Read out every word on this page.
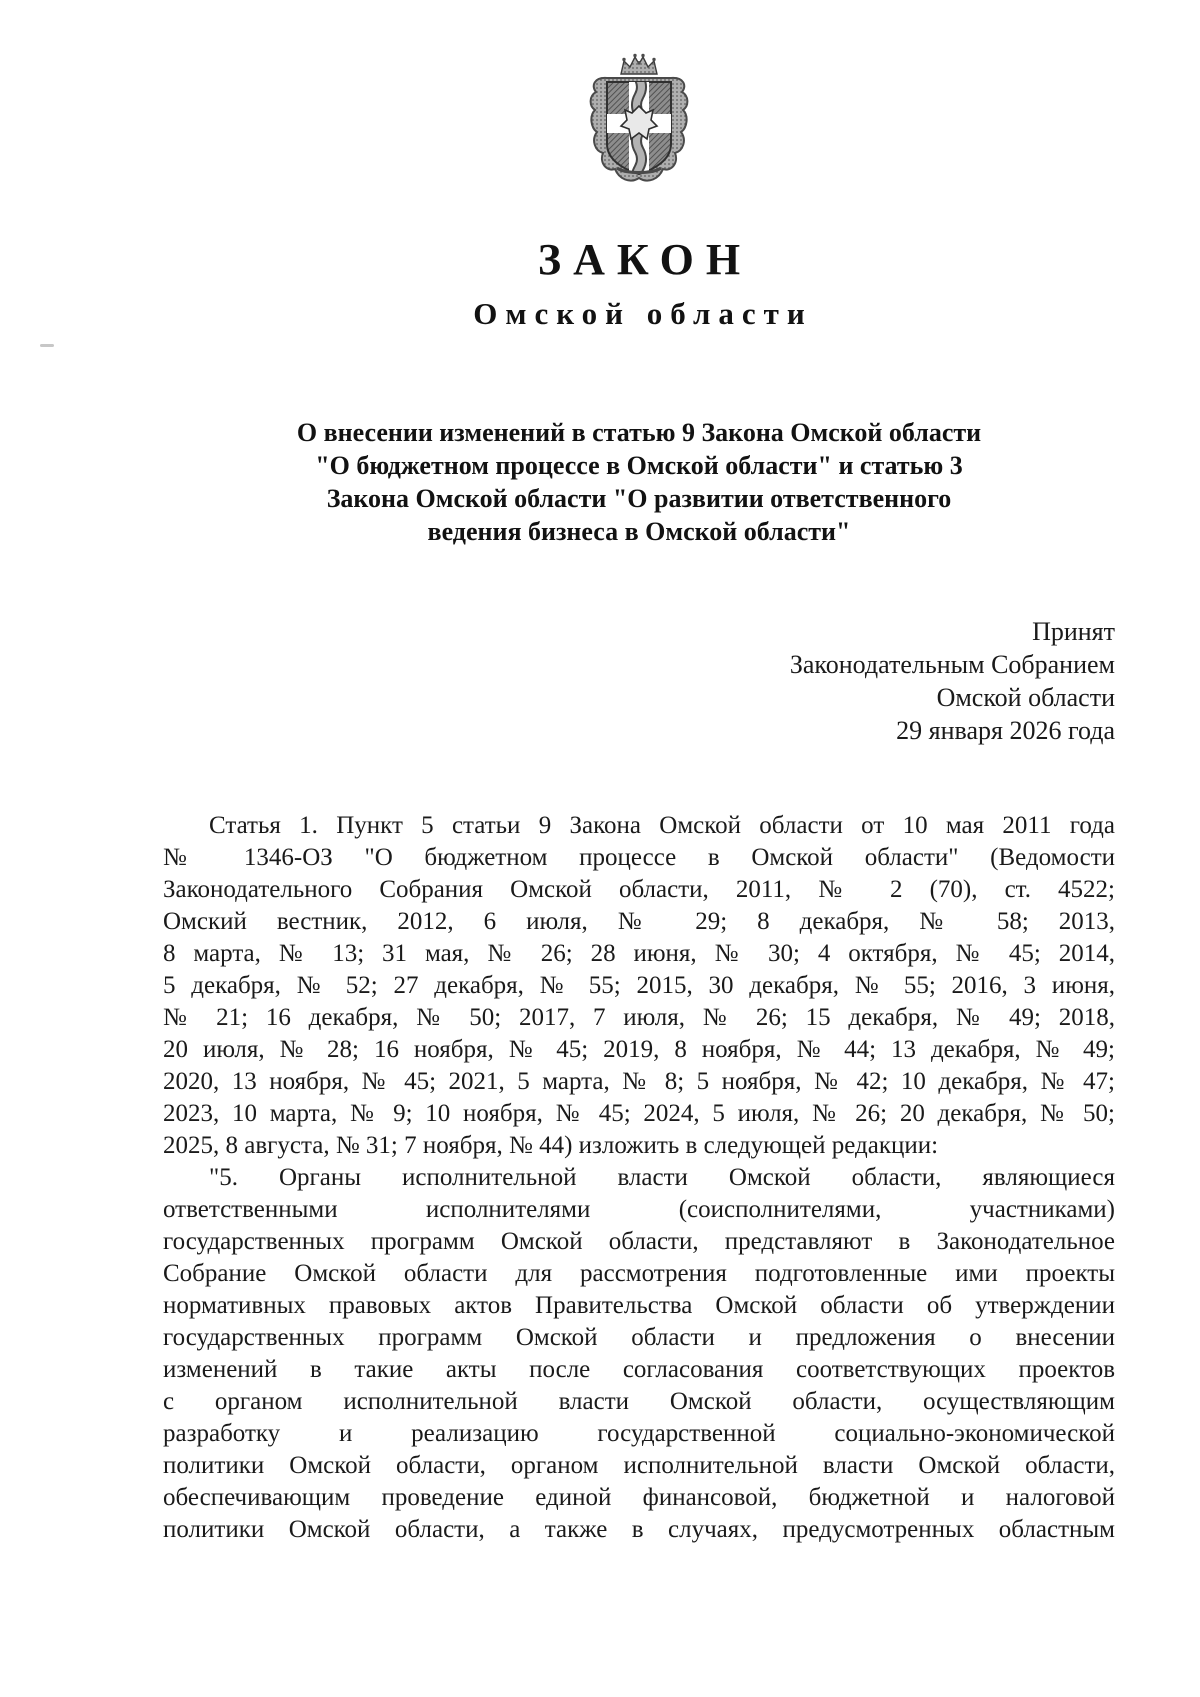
ЗАКОН
Омской области
О внесении изменений в статью 9 Закона Омской области
"О бюджетном процессе в Омской области" и статью 3
Закона Омской области "О развитии ответственного
ведения бизнеса в Омской области"
Принят
Законодательным Собранием
Омской области
29 января 2026 года
Статья 1. Пункт 5 статьи 9 Закона Омской области от 10 мая 2011 года
№ 1346-ОЗ "О бюджетном процессе в Омской области" (Ведомости
Законодательного Собрания Омской области, 2011, № 2 (70), ст. 4522;
Омский вестник, 2012, 6 июля, № 29; 8 декабря, № 58; 2013,
8 марта, № 13; 31 мая, № 26; 28 июня, № 30; 4 октября, № 45; 2014,
5 декабря, № 52; 27 декабря, № 55; 2015, 30 декабря, № 55; 2016, 3 июня,
№ 21; 16 декабря, № 50; 2017, 7 июля, № 26; 15 декабря, № 49; 2018,
20 июля, № 28; 16 ноября, № 45; 2019, 8 ноября, № 44; 13 декабря, № 49;
2020, 13 ноября, № 45; 2021, 5 марта, № 8; 5 ноября, № 42; 10 декабря, № 47;
2023, 10 марта, № 9; 10 ноября, № 45; 2024, 5 июля, № 26; 20 декабря, № 50;
2025, 8 августа, № 31; 7 ноября, № 44) изложить в следующей редакции:
"5. Органы исполнительной власти Омской области, являющиеся
ответственными исполнителями (соисполнителями, участниками)
государственных программ Омской области, представляют в Законодательное
Собрание Омской области для рассмотрения подготовленные ими проекты
нормативных правовых актов Правительства Омской области об утверждении
государственных программ Омской области и предложения о внесении
изменений в такие акты после согласования соответствующих проектов
с органом исполнительной власти Омской области, осуществляющим
разработку и реализацию государственной социально-экономической
политики Омской области, органом исполнительной власти Омской области,
обеспечивающим проведение единой финансовой, бюджетной и налоговой
политики Омской области, а также в случаях, предусмотренных областным
